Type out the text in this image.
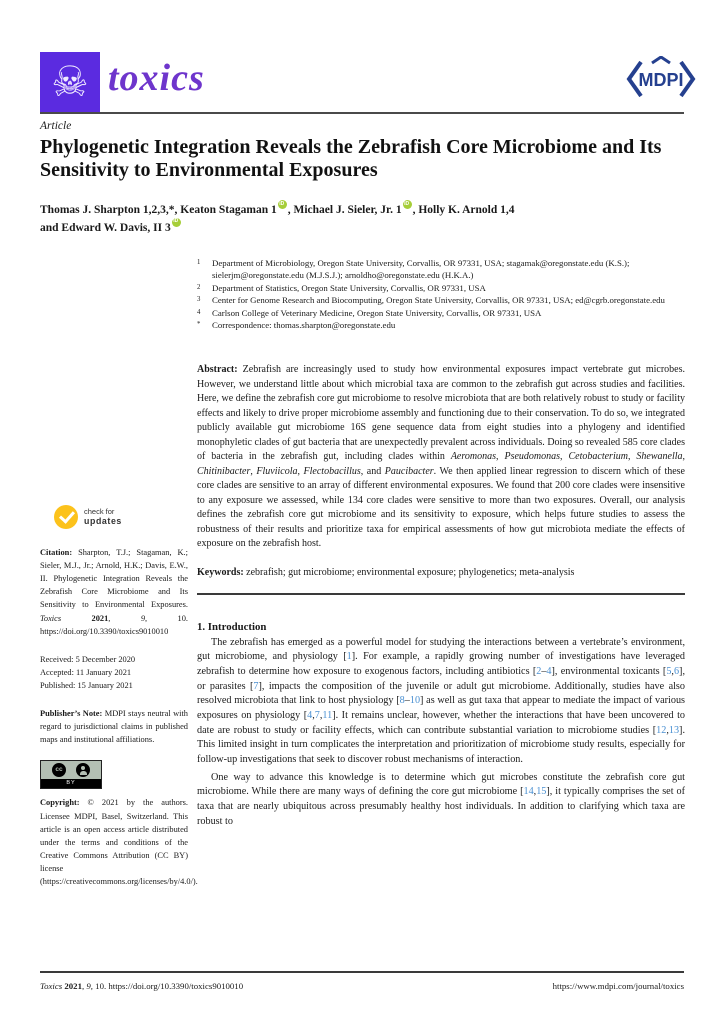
☠ toxics	MDPI
Article
Phylogenetic Integration Reveals the Zebrafish Core Microbiome and Its Sensitivity to Environmental Exposures
Thomas J. Sharpton 1,2,3,*, Keaton Stagaman 1 iD , Michael J. Sieler, Jr. 1 iD , Holly K. Arnold 1,4
and Edward W. Davis, II 3iD
1	Department of Microbiology, Oregon State University, Corvallis, OR 97331, USA; stagamak@oregonstate.edu (K.S.); sielerjm@oregonstate.edu (M.J.S.J.); arnoldho@oregonstate.edu (H.K.A.)
2	Department of Statistics, Oregon State University, Corvallis, OR 97331, USA
3	Center for Genome Research and Biocomputing, Oregon State University, Corvallis, OR 97331, USA; ed@cgrb.oregonstate.edu
4	Carlson College of Veterinary Medicine, Oregon State University, Corvallis, OR 97331, USA
*	Correspondence: thomas.sharpton@oregonstate.edu
Abstract: Zebrafish are increasingly used to study how environmental exposures impact vertebrate gut microbes. However, we understand little about which microbial taxa are common to the zebrafish gut across studies and facilities. Here, we define the zebrafish core gut microbiome to resolve microbiota that are both relatively robust to study or facility effects and likely to drive proper microbiome assembly and functioning due to their conservation. To do so, we integrated publicly available gut microbiome 16S gene sequence data from eight studies into a phylogeny and identified monophyletic clades of gut bacteria that are unexpectedly prevalent across individuals. Doing so revealed 585 core clades of bacteria in the zebrafish gut, including clades within Aeromonas, Pseudomonas, Cetobacterium, Shewanella, Chitinibacter, Fluviicola, Flectobacillus, and Paucibacter. We then applied linear regression to discern which of these core clades are sensitive to an array of different environmental exposures. We found that 200 core clades were insensitive to any exposure we assessed, while 134 core clades were sensitive to more than two exposures. Overall, our analysis defines the zebrafish core gut microbiome and its sensitivity to exposure, which helps future studies to assess the robustness of their results and prioritize taxa for empirical assessments of how gut microbiota mediate the effects of exposure on the zebrafish host.
Keywords: zebrafish; gut microbiome; environmental exposure; phylogenetics; meta-analysis
1. Introduction

The zebrafish has emerged as a powerful model for studying the interactions between a vertebrate’s environment, gut microbiome, and physiology [1]. For example, a rapidly growing number of investigations have leveraged zebrafish to determine how exposure to exogenous factors, including antibiotics [2–4], environmental toxicants [5,6], or parasites [7], impacts the composition of the juvenile or adult gut microbiome. Additionally, studies have also resolved microbiota that link to host physiology [8–10] as well as gut taxa that appear to mediate the impact of various exposures on physiology [4,7,11]. It remains unclear, however, whether the interactions that have been uncovered to date are robust to study or facility effects, which can contribute substantial variation to microbiome studies [12,13]. This limited insight in turn complicates the interpretation and prioritization of microbiome study results, especially for follow-up investigations that seek to discover robust mechanisms of interaction.

One way to advance this knowledge is to determine which gut microbes constitute the zebrafish core gut microbiome. While there are many ways of defining the core gut microbiome [14,15], it typically comprises the set of taxa that are nearly ubiquitous across presumably healthy host individuals. In addition to clarifying which taxa are robust to

check for
updates
Citation: Sharpton, T.J.; Stagaman, K.; Sieler, M.J., Jr.; Arnold, H.K.; Davis, E.W., II. Phylogenetic Integration Reveals the Zebrafish Core Microbiome and Its Sensitivity to Environmental Exposures. Toxics	2021, 9, 10. https://doi.org/10.3390/toxics9010010
Received: 5 December 2020
Accepted: 11 January 2021
Published: 15 January 2021
Publisher’s Note: MDPI stays neutral with regard to jurisdictional claims in published maps and institutional affiliations.
cc
BY
Copyright: © 2021 by the authors. Licensee MDPI, Basel, Switzerland. This article is an open access article distributed under the terms and conditions of the Creative Commons Attribution (CC BY) license (https://creativecommons.org/licenses/by/4.0/).
Toxics 2021, 9, 10. https://doi.org/10.3390/toxics9010010	https://www.mdpi.com/journal/toxics
